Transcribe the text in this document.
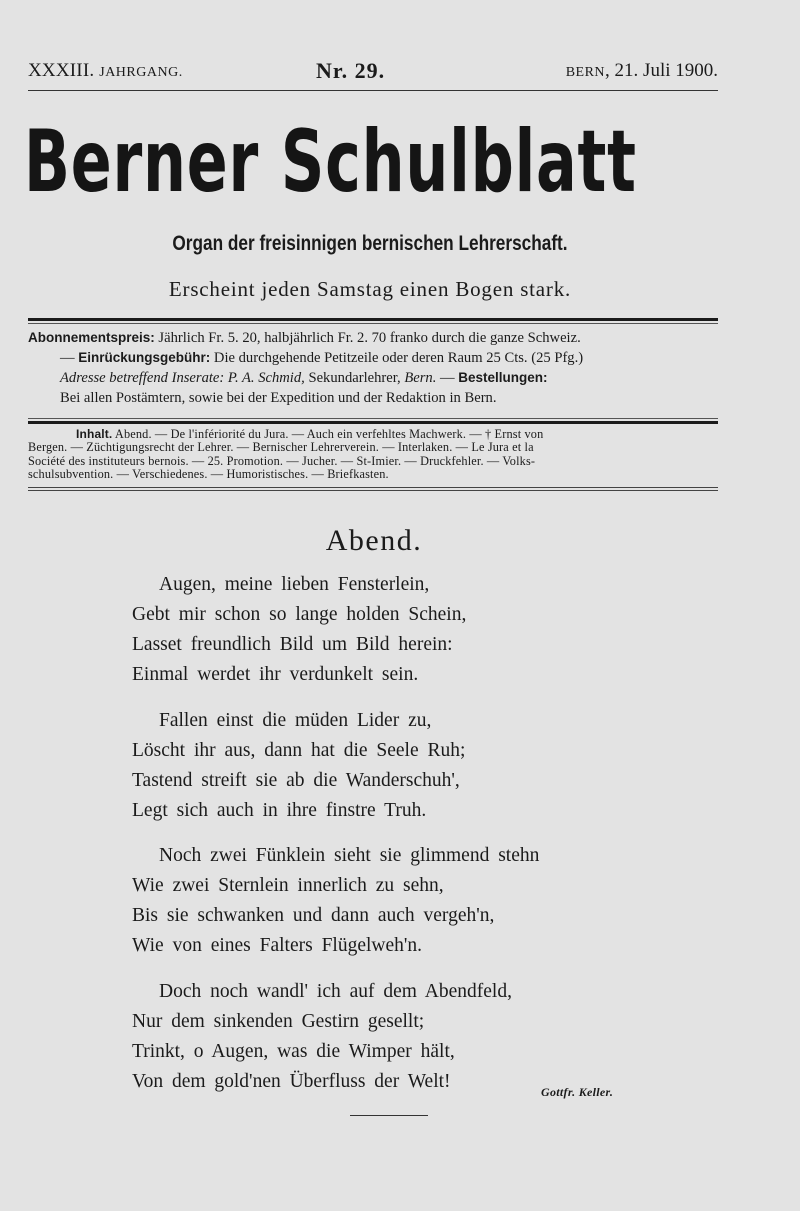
XXXIII. JAHRGANG.	Nr. 29.	BERN, 21. Juli 1900.
Berner Schulblatt
Organ der freisinnigen bernischen Lehrerschaft.
Erscheint jeden Samstag einen Bogen stark.
Abonnementspreis: Jährlich Fr. 5. 20, halbjährlich Fr. 2. 70 franko durch die ganze Schweiz.
— Einrückungsgebühr: Die durchgehende Petitzeile oder deren Raum 25 Cts. (25 Pfg.)
Adresse betreffend Inserate: P. A. Schmid, Sekundarlehrer, Bern. — Bestellungen:
Bei allen Postämtern, sowie bei der Expedition und der Redaktion in Bern.
Inhalt. Abend. — De l'infériorité du Jura. — Auch ein verfehltes Machwerk. — † Ernst von
Bergen. — Züchtigungsrecht der Lehrer. — Bernischer Lehrerverein. — Interlaken. — Le Jura et la
Société des instituteurs bernois. — 25. Promotion. — Jucher. — St-Imier. — Druckfehler. — Volks-
schulsubvention. — Verschiedenes. — Humoristisches. — Briefkasten.
Abend.
Augen, meine lieben Fensterlein,
Gebt mir schon so lange holden Schein,
Lasset freundlich Bild um Bild herein:
Einmal werdet ihr verdunkelt sein.
Fallen einst die müden Lider zu,
Löscht ihr aus, dann hat die Seele Ruh;
Tastend streift sie ab die Wanderschuh',
Legt sich auch in ihre finstre Truh.
Noch zwei Fünklein sieht sie glimmend stehn
Wie zwei Sternlein innerlich zu sehn,
Bis sie schwanken und dann auch vergeh'n,
Wie von eines Falters Flügelweh'n.
Doch noch wandl' ich auf dem Abendfeld,
Nur dem sinkenden Gestirn gesellt;
Trinkt, o Augen, was die Wimper hält,
Von dem gold'nen Überfluss der Welt!
Gottfr. Keller.
